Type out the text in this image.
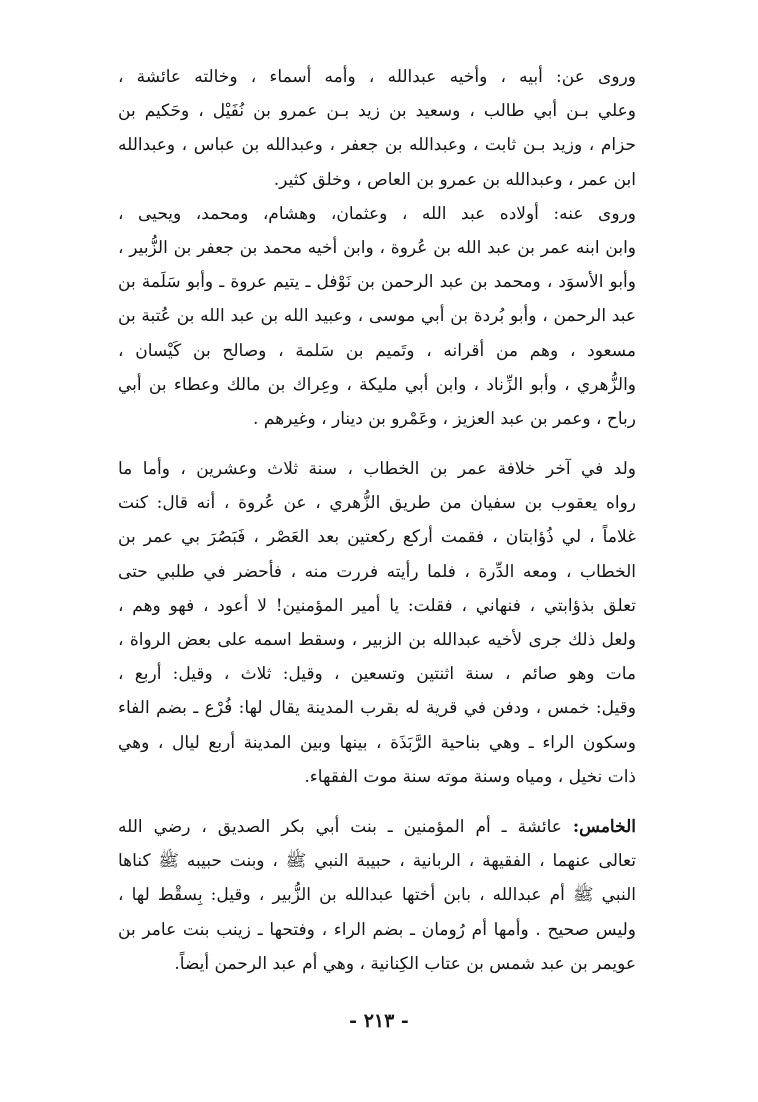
وروى عن: أبيه ، وأخيه عبدالله ، وأمه أسماء ، وخالته عائشة ،
وعلي بـن أبي طالب ، وسعيد بن زيد بـن عمرو بن نُفَيْل ، وحَكيم بن
حزام ، وزيد بـن ثابت ، وعبدالله بن جعفر ، وعبدالله بن عباس ، وعبدالله
ابن عمر ، وعبدالله بن عمرو بن العاص ، وخلق كثير.
وروى عنه: أولاده عبد الله ، وعثمان، وهشام، ومحمد، ويحيى ،
وابن ابنه عمر بن عبد الله بن عُروة ، وابن أخيه محمد بن جعفر بن الزُّبير ،
وأبو الأسوَد ، ومحمد بن عبد الرحمن بن نَوْفل ـ يتيم عروة ـ وأبو سَلَمة بن
عبد الرحمن ، وأبو بُردة بن أبي موسى ، وعبيد الله بن عبد الله بن عُتبة بن
مسعود ، وهم من أقرانه ، وتَميم بن سَلمة ، وصالح بن كَيْسان ،
والزُّهري ، وأبو الزِّناد ، وابن أبي مليكة ، وعِراك بن مالك وعطاء بن أبي
رباح ، وعمر بن عبد العزيز ، وعَمْرو بن دينار ، وغيرهم .
ولد في آخر خلافة عمر بن الخطاب ، سنة ثلاث وعشرين ، وأما ما
رواه يعقوب بن سفيان من طريق الزُّهري ، عن عُروة ، أنه قال: كنت
غلاماً ، لي ذُؤابتان ، فقمت أركع ركعتين بعد العَصْر ، فَبَصُرَ بي عمر بن
الخطاب ، ومعه الدِّرة ، فلما رأيته فررت منه ، فأحضر في طلبي حتى
تعلق بذؤابتي ، فنهاني ، فقلت: يا أمير المؤمنين! لا أعود ، فهو وهم ،
ولعل ذلك جرى لأخيه عبدالله بن الزبير ، وسقط اسمه على بعض الرواة ،
مات وهو صائم ، سنة اثنتين وتسعين ، وقيل: ثلاث ، وقيل: أربع ،
وقيل: خمس ، ودفن في قرية له بقرب المدينة يقال لها: فُرْع ـ بضم الفاء
وسكون الراء ـ وهي بناحية الرَّبَذَة ، بينها وبين المدينة أربع ليال ، وهي
ذات نخيل ، ومياه وسنة موته سنة موت الفقهاء.
الخامس: عائشة ـ أم المؤمنين ـ بنت أبي بكر الصديق ، رضي الله
تعالى عنهما ، الفقيهة ، الربانية ، حبيبة النبي ﷺ ، وبنت حبيبه ﷺ كناها
النبي ﷺ أم عبدالله ، بابن أختها عبدالله بن الزُّبير ، وقيل: بِسقْط لها ،
وليس صحيح . وأمها أم رُومان ـ بضم الراء ، وفتحها ـ زينب بنت عامر بن
عويمر بن عبد شمس بن عتاب الكِنانية ، وهي أم عبد الرحمن أيضاً.
- ٢١٣ -
